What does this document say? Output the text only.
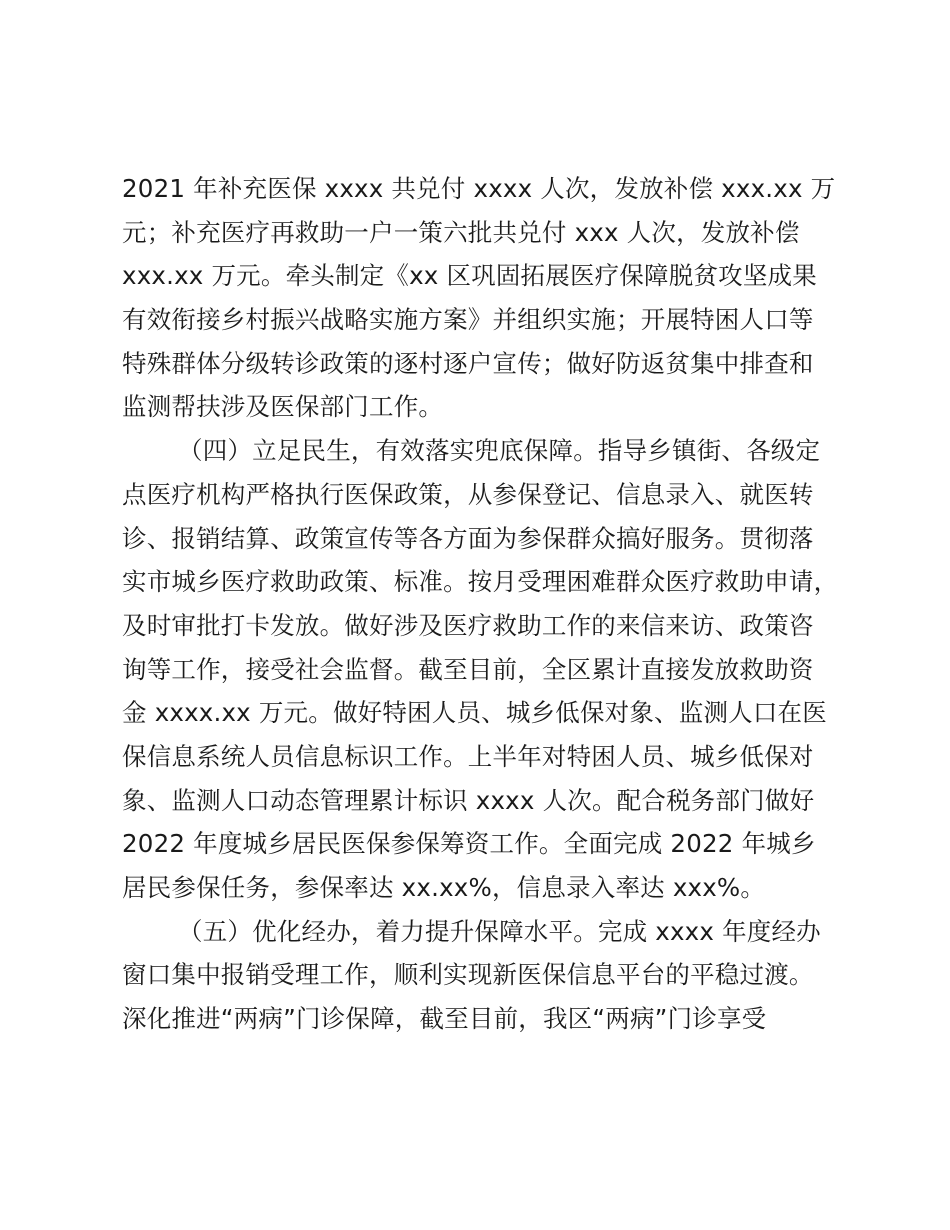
2021 年补充医保 xxxx 共兑付 xxxx 人次，发放补偿 xxx.xx 万
元；补充医疗再救助一户一策六批共兑付 xxx 人次，发放补偿
xxx.xx 万元。牵头制定《xx 区巩固拓展医疗保障脱贫攻坚成果
有效衔接乡村振兴战略实施方案》并组织实施；开展特困人口等
特殊群体分级转诊政策的逐村逐户宣传；做好防返贫集中排查和
监测帮扶涉及医保部门工作。
（四）立足民生，有效落实兜底保障。指导乡镇街、各级定
点医疗机构严格执行医保政策，从参保登记、信息录入、就医转
诊、报销结算、政策宣传等各方面为参保群众搞好服务。贯彻落
实市城乡医疗救助政策、标准。按月受理困难群众医疗救助申请，
及时审批打卡发放。做好涉及医疗救助工作的来信来访、政策咨
询等工作，接受社会监督。截至目前，全区累计直接发放救助资
金 xxxx.xx 万元。做好特困人员、城乡低保对象、监测人口在医
保信息系统人员信息标识工作。上半年对特困人员、城乡低保对
象、监测人口动态管理累计标识 xxxx 人次。配合税务部门做好
2022 年度城乡居民医保参保筹资工作。全面完成 2022 年城乡
居民参保任务，参保率达 xx.xx%，信息录入率达 xxx%。
（五）优化经办，着力提升保障水平。完成 xxxx 年度经办
窗口集中报销受理工作，顺利实现新医保信息平台的平稳过渡。
深化推进“两病”门诊保障，截至目前，我区“两病”门诊享受
